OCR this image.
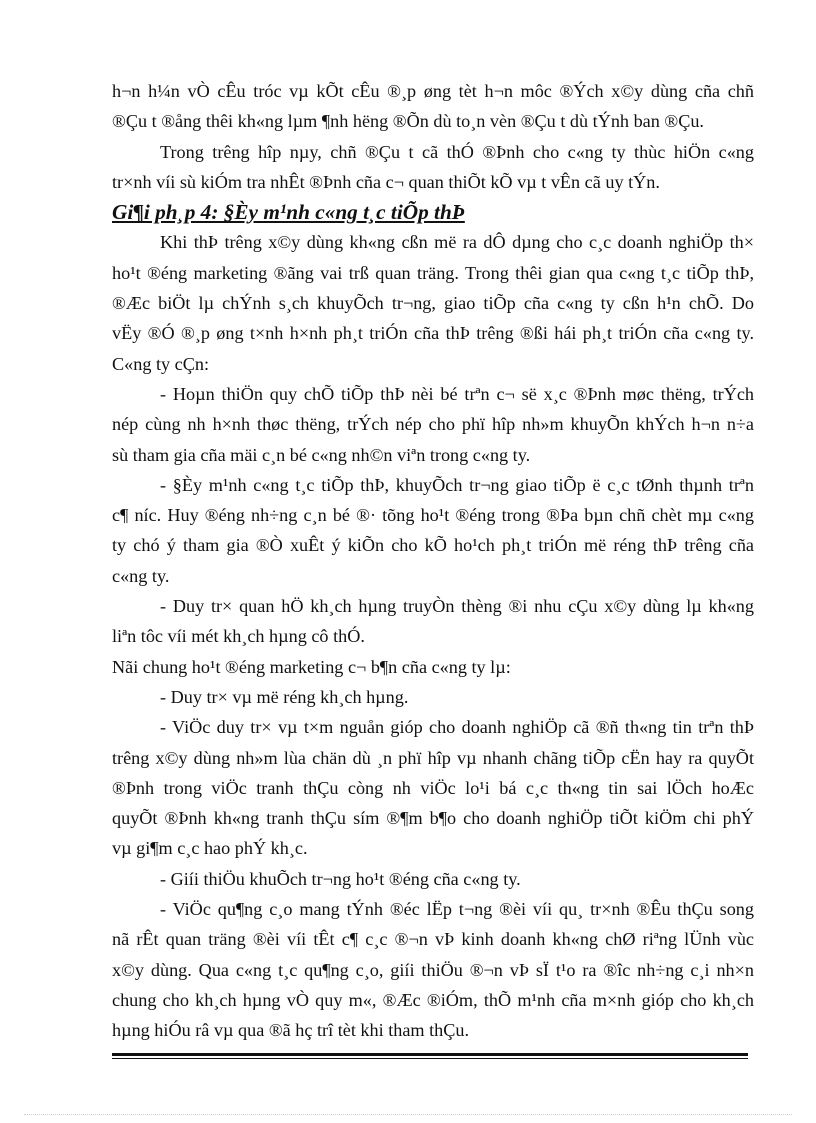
h¬n h¼n vÒ cÊu tróc vµ kÕt cÊu ®¸p øng tèt h¬n môc ®Ých x©y dùng cña chñ

®Çu t ®ång thêi kh«ng lµm ¶nh hëng ®Õn dù to¸n vèn ®Çu t dù tÝnh ban ®Çu.

Trong trêng hîp nµy, chñ ®Çu t cã thÓ ®Þnh cho c«ng ty thùc hiÖn c«ng

tr×nh víi sù kiÓm tra nhÊt ®Þnh cña c¬ quan thiÕt kÕ vµ t vÊn cã uy tÝn.

Gi¶i ph¸p 4: §Èy m¹nh c«ng t¸c tiÕp thÞ

Khi thÞ trêng x©y dùng kh«ng cßn më ra dÔ dµng cho c¸c doanh nghiÖp th×

ho¹t ®éng marketing ®ãng vai trß quan träng. Trong thêi gian qua c«ng t¸c tiÕp thÞ,

®Æc biÖt lµ chÝnh s¸ch khuyÕch tr¬ng, giao tiÕp cña c«ng ty cßn h¹n chÕ. Do

vËy ®Ó ®¸p øng t×nh h×nh ph¸t triÓn cña thÞ trêng ®ßi hái ph¸t triÓn cña c«ng ty.

C«ng ty cÇn:

- Hoµn thiÖn quy chÕ tiÕp thÞ nèi bé trªn c¬ së x¸c ®Þnh møc thëng, trÝch

nép cùng nh h×nh thøc thëng, trÝch nép cho phï hîp nh»m khuyÕn khÝch h¬n n÷a

sù tham gia cña mäi c¸n bé c«ng nh©n viªn trong c«ng ty.

- §Èy m¹nh c«ng t¸c tiÕp thÞ, khuyÕch tr¬ng giao tiÕp ë c¸c tØnh thµnh trªn

c¶ níc. Huy ®éng nh÷ng c¸n bé ®· tõng ho¹t ®éng trong ®Þa bµn chñ chèt mµ c«ng

ty chó ý tham gia ®Ò xuÊt ý kiÕn cho kÕ ho¹ch ph¸t triÓn më réng thÞ trêng cña

c«ng ty.

- Duy tr× quan hÖ kh¸ch hµng truyÒn thèng ®i nhu cÇu x©y dùng lµ kh«ng

liªn tôc víi mét kh¸ch hµng cô thÓ.

Nãi chung ho¹t ®éng marketing c¬ b¶n cña c«ng ty lµ:

- Duy tr× vµ më réng kh¸ch hµng.

- ViÖc duy tr× vµ t×m nguån gióp cho doanh nghiÖp cã ®ñ th«ng tin trªn thÞ

trêng x©y dùng nh»m lùa chän dù ¸n phï hîp vµ nhanh chãng tiÕp cËn hay ra quyÕt

®Þnh trong viÖc tranh thÇu còng nh viÖc lo¹i bá c¸c th«ng tin sai lÖch hoÆc

quyÕt ®Þnh kh«ng tranh thÇu sím ®¶m b¶o cho doanh nghiÖp tiÕt kiÖm chi phÝ

vµ gi¶m c¸c hao phÝ kh¸c.

- Giíi thiÖu khuÕch tr¬ng ho¹t ®éng cña c«ng ty.

- ViÖc qu¶ng c¸o mang tÝnh ®éc lËp t¬ng ®èi víi qu¸ tr×nh ®Êu thÇu song

nã rÊt quan träng ®èi víi tÊt c¶ c¸c ®¬n vÞ kinh doanh kh«ng chØ riªng lÜnh vùc

x©y dùng. Qua c«ng t¸c qu¶ng c¸o, giíi thiÖu ®¬n vÞ sÏ t¹o ra ®îc nh÷ng c¸i nh×n

chung cho kh¸ch hµng vÒ quy m«, ®Æc ®iÓm, thÕ m¹nh cña m×nh gióp cho kh¸ch

hµng hiÓu râ vµ qua ®ã hç trî tèt khi tham thÇu.
